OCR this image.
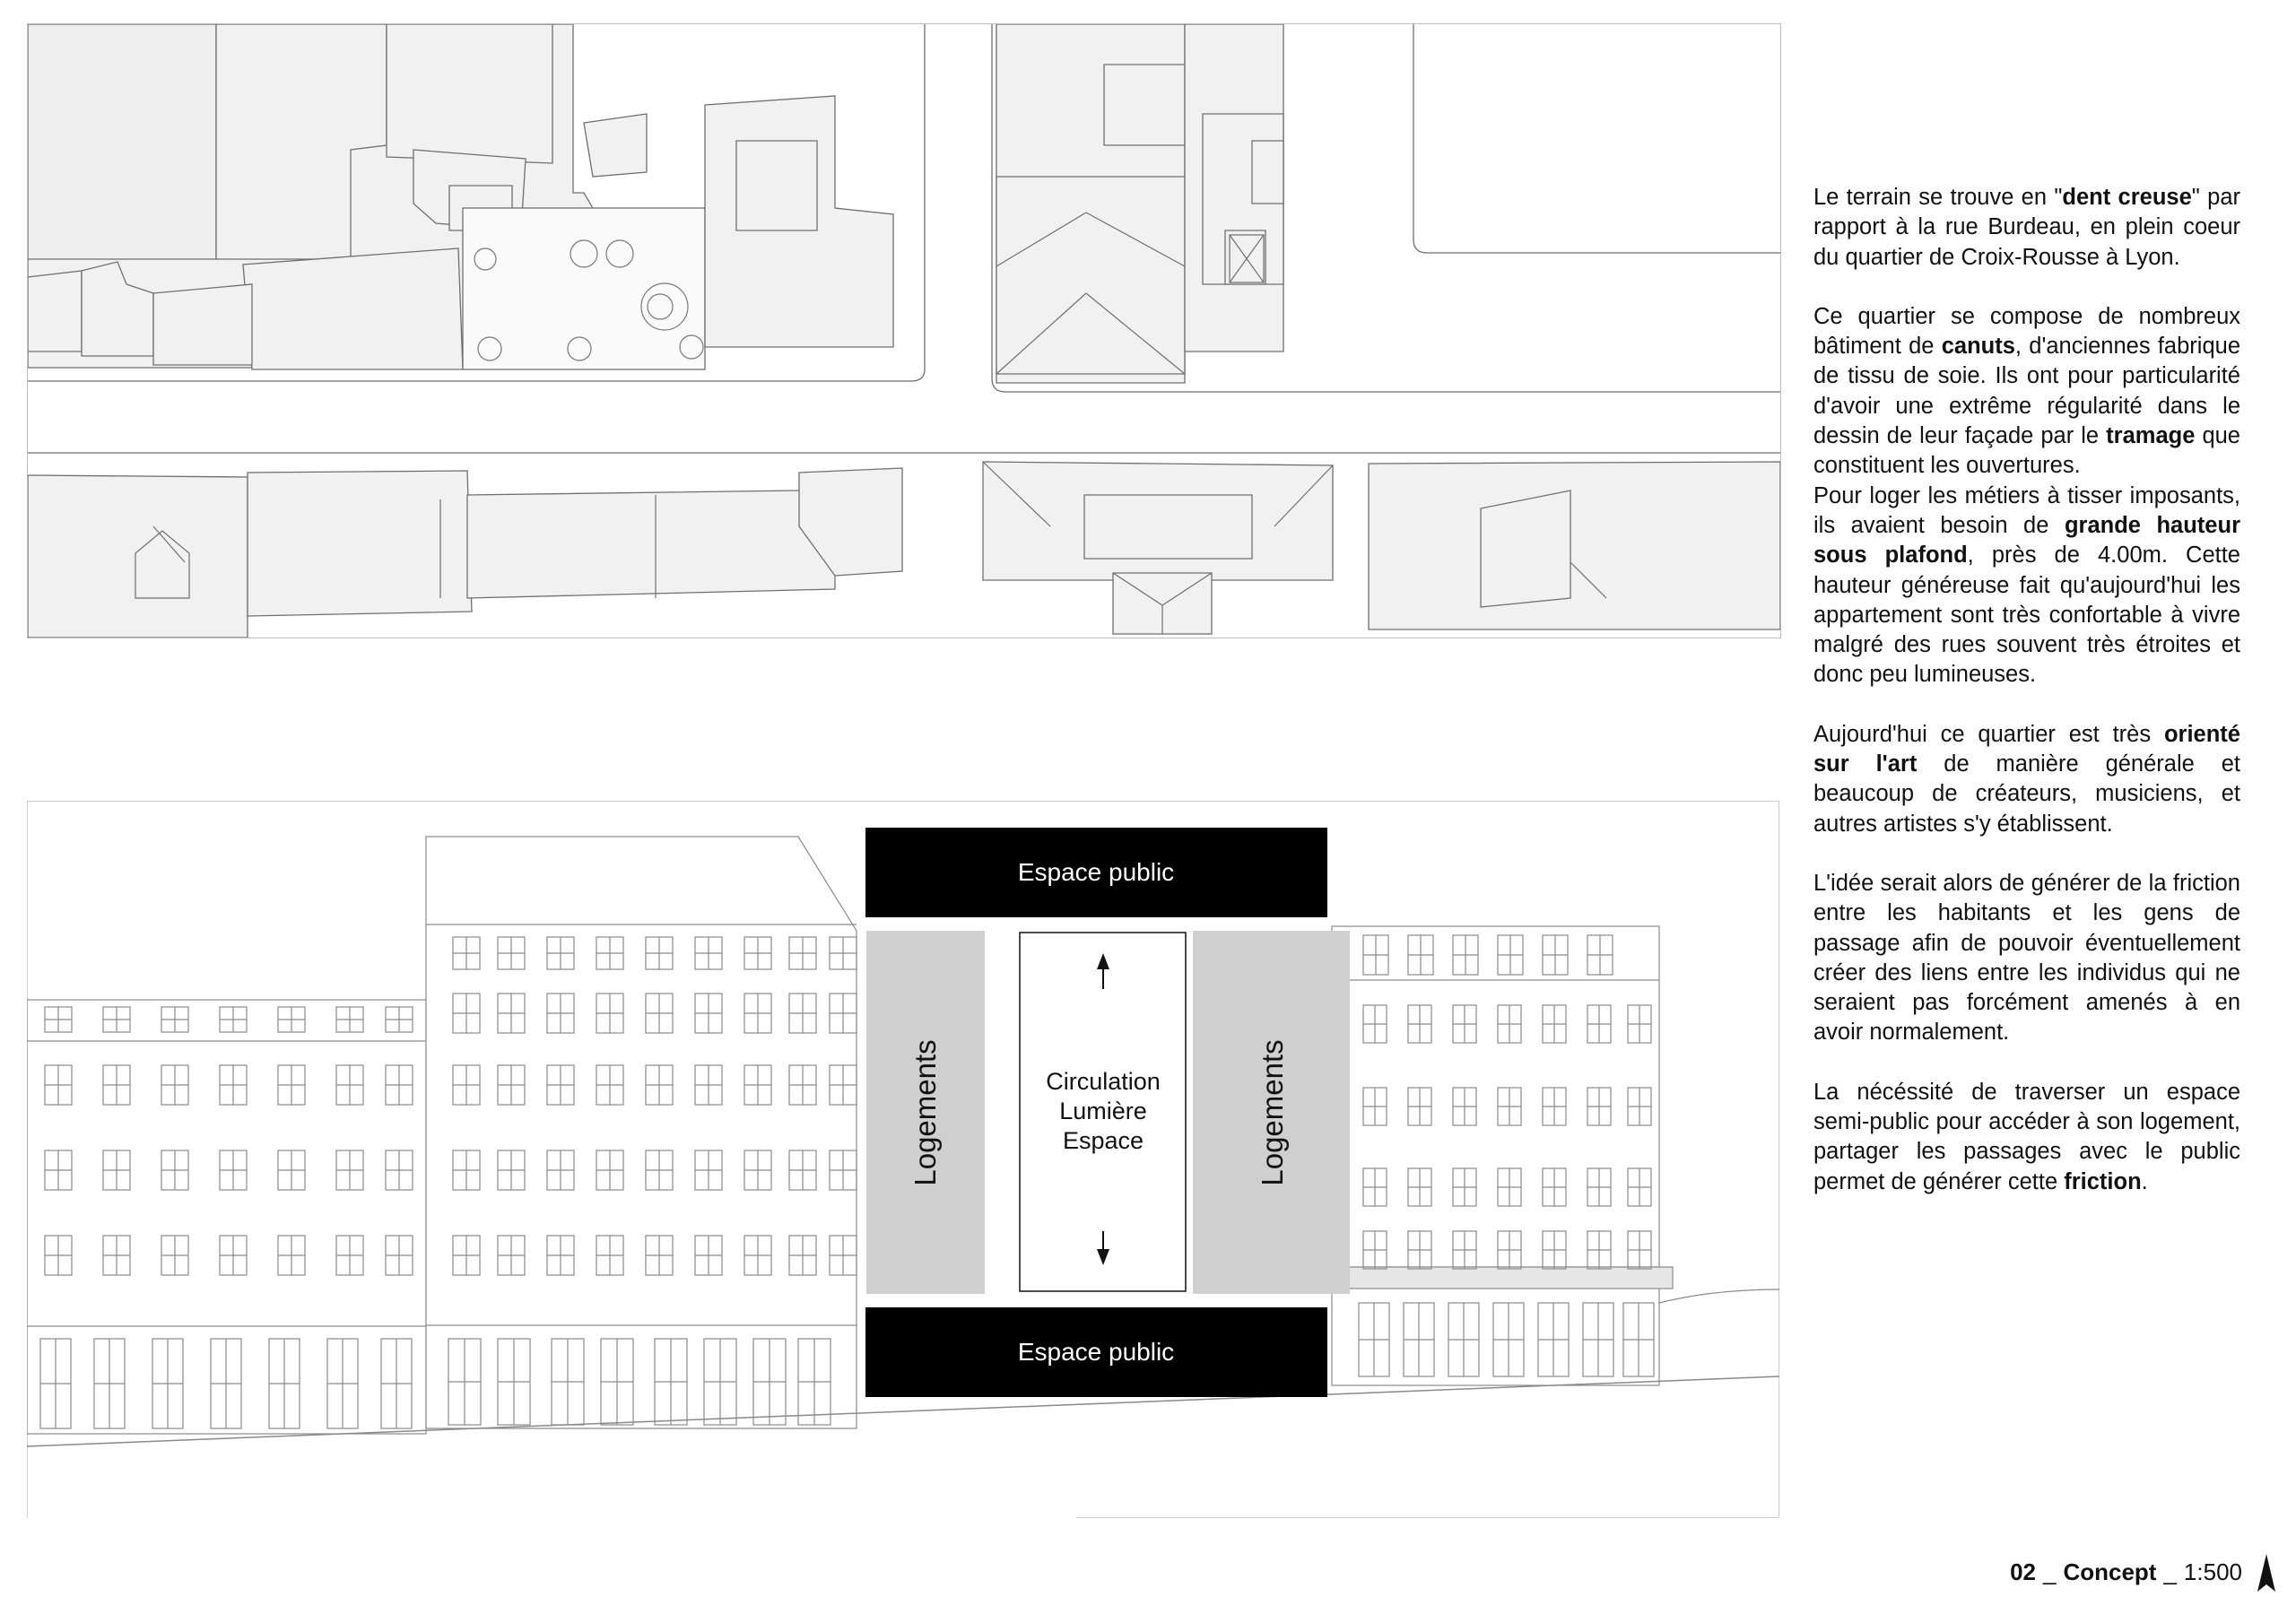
Espace public
Espace public
Logements	Circulation
Lumière
Espace	Logements

Le terrain se trouve en "dent creuse" par rapport à la rue Burdeau, en plein coeur du quartier de Croix-Rousse à Lyon.

Ce quartier se compose de nombreux bâtiment de canuts, d'anciennes fabrique de tissu de soie. Ils ont pour particularité d'avoir une extrême régularité dans le dessin de leur façade par le tramage que constituent les ouvertures.

Pour loger les métiers à tisser imposants, ils avaient besoin de grande hauteur sous plafond, près de 4.00m. Cette hauteur généreuse fait qu'aujourd'hui les appartement sont très confortable à vivre malgré des rues souvent très étroites et donc peu lumineuses.

Aujourd'hui ce quartier est très orienté sur l'art de manière générale et beaucoup de créateurs, musiciens, et autres artistes s'y établissent.

L'idée serait alors de générer de la friction entre les habitants et les gens de passage afin de pouvoir éventuellement créer des liens entre les individus qui ne seraient pas forcément amenés à en avoir normalement.

La nécéssité de traverser un espace semi-public pour accéder à son logement, partager les passages avec le public permet de générer cette friction.

02 _ Concept _ 1:500
